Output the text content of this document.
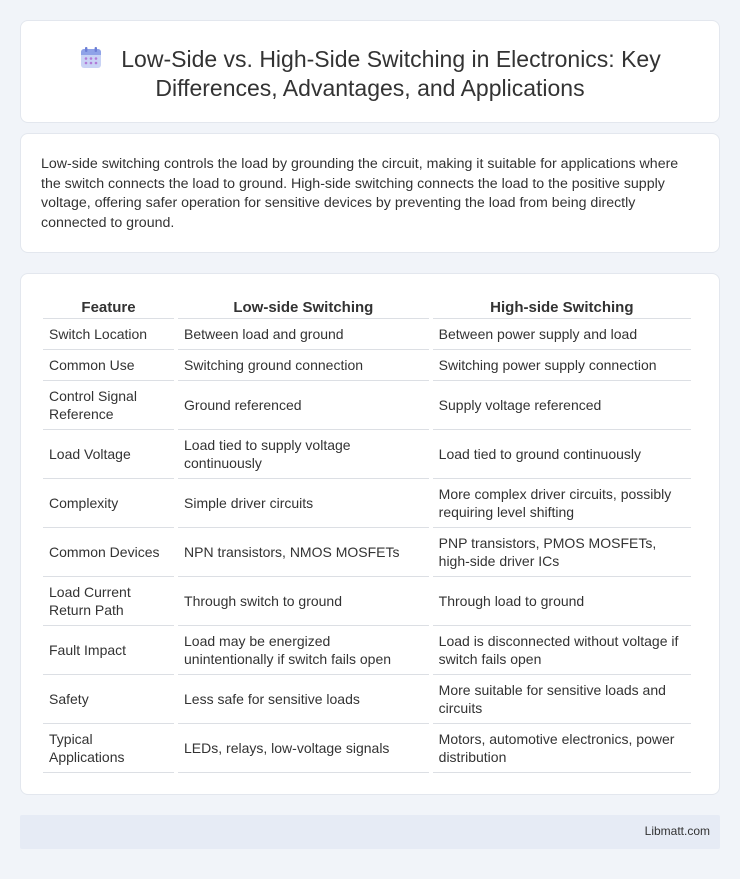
Low-Side vs. High-Side Switching in Electronics: Key Differences, Advantages, and Applications

Low-side switching controls the load by grounding the circuit, making it suitable for applications where the switch connects the load to ground. High-side switching connects the load to the positive supply voltage, offering safer operation for sensitive devices by preventing the load from being directly connected to ground.

Feature	Low-side Switching	High-side Switching
Switch Location	Between load and ground	Between power supply and load
Common Use	Switching ground connection	Switching power supply connection
Control Signal Reference	Ground referenced	Supply voltage referenced
Load Voltage	Load tied to supply voltage continuously	Load tied to ground continuously
Complexity	Simple driver circuits	More complex driver circuits, possibly requiring level shifting
Common Devices	NPN transistors, NMOS MOSFETs	PNP transistors, PMOS MOSFETs, high-side driver ICs
Load Current Return Path	Through switch to ground	Through load to ground
Fault Impact	Load may be energized unintentionally if switch fails open	Load is disconnected without voltage if switch fails open
Safety	Less safe for sensitive loads	More suitable for sensitive loads and circuits
Typical Applications	LEDs, relays, low-voltage signals	Motors, automotive electronics, power distribution
Libmatt.com
